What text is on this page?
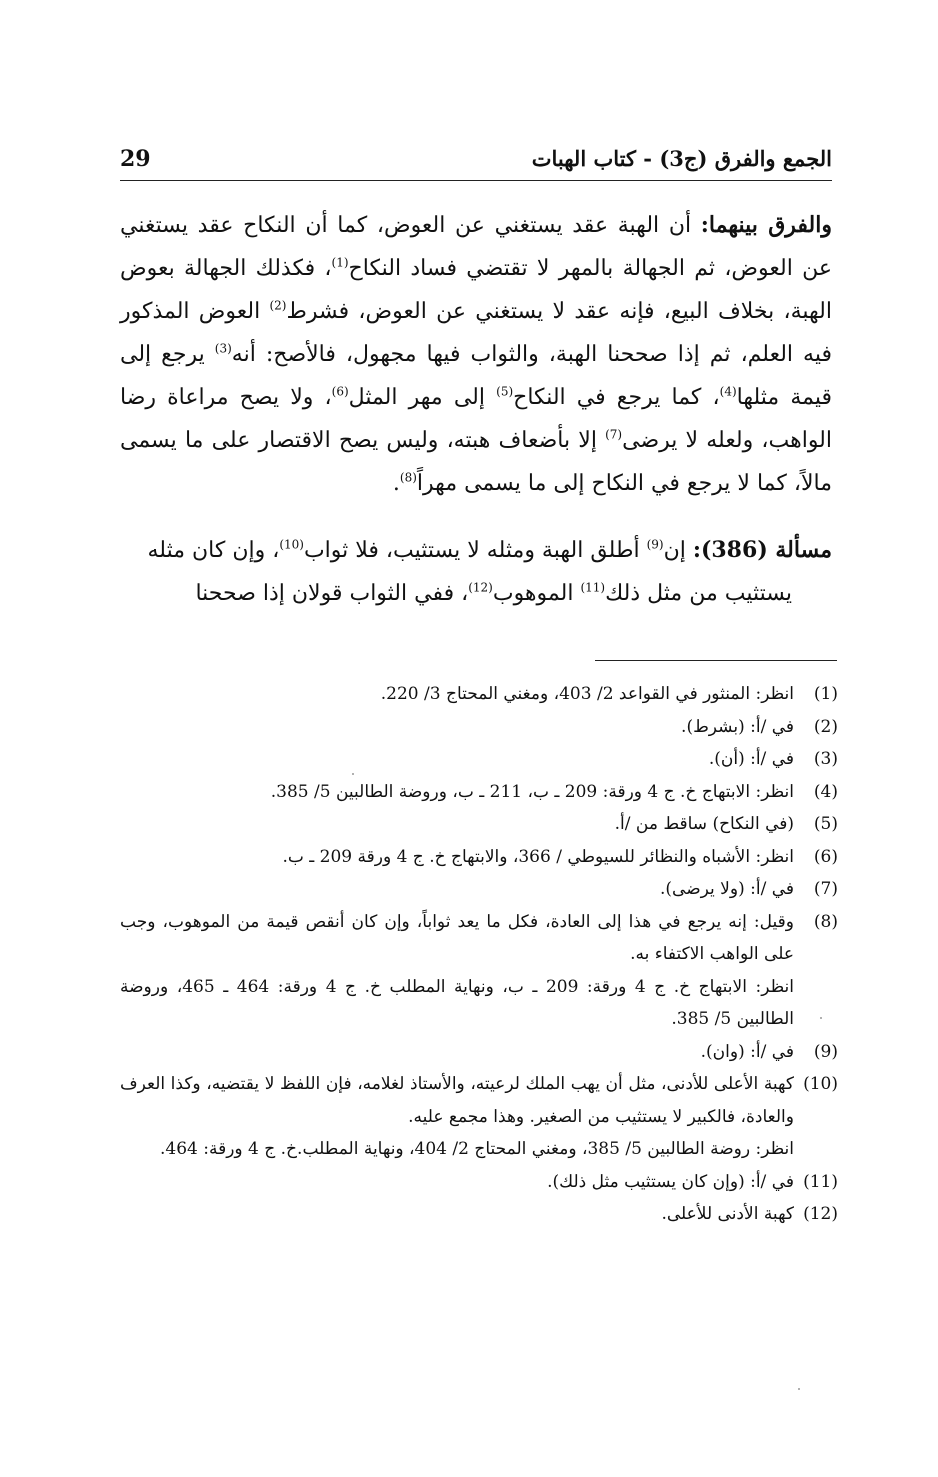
الجمع والفرق (ج3) - كتاب الهبات
29

والفرق بينهما: أن الهبة عقد يستغني عن العوض، كما أن النكاح عقد يستغني عن العوض، ثم الجهالة بالمهر لا تقتضي فساد النكاح$^{(1)}$، فكذلك الجهالة بعوض الهبة، بخلاف البيع، فإنه عقد لا يستغني عن العوض، فشرط$^{(2)}$ العوض المذكور فيه العلم، ثم إذا صححنا الهبة، والثواب فيها مجهول، فالأصح: أنه$^{(3)}$ يرجع إلى قيمة مثلها$^{(4)}$، كما يرجع في النكاح$^{(5)}$ إلى مهر المثل$^{(6)}$، ولا يصح مراعاة رضا الواهب، ولعله لا يرضى$^{(7)}$ إلا بأضعاف هبته، وليس يصح الاقتصار على ما يسمى مالاً، كما لا يرجع في النكاح إلى ما يسمى مهراً$^{(8)}$.

مسألة (386): إن$^{(9)}$ أطلق الهبة ومثله لا يستثيب، فلا ثواب$^{(10)}$، وإن كان مثله

يستثيب من مثل ذلك$^{(11)}$ الموهوب$^{(12)}$، ففي الثواب قولان إذا صححنا

(1)
انظر: المنثور في القواعد 2/ 403، ومغني المحتاج 3/ 220.
(2)
في /أ: (بشرط).
(3)
في /أ: (أن).
(4)
انظر: الابتهاج خ. ج 4 ورقة: 209 ـ ب، 211 ـ ب، وروضة الطالبين 5/ 385.
(5)
(في النكاح) ساقط من /أ.
(6)
انظر: الأشباه والنظائر للسيوطي / 366، والابتهاج خ. ج 4 ورقة 209 ـ ب.
(7)
في /أ: (ولا يرضى).
(8)
وقيل: إنه يرجع في هذا إلى العادة، فكل ما يعد ثواباً، وإن كان أنقص قيمة من الموهوب، وجب على الواهب الاكتفاء به.
انظر: الابتهاج خ. ج 4 ورقة: 209 ـ ب، ونهاية المطلب خ. ج 4 ورقة: 464 ـ 465، وروضة الطالبين 5/ 385.
(9)
في /أ: (وان).
(10)
كهبة الأعلى للأدنى، مثل أن يهب الملك لرعيته، والأستاذ لغلامه، فإن اللفظ لا يقتضيه، وكذا العرف والعادة، فالكبير لا يستثيب من الصغير. وهذا مجمع عليه.
انظر: روضة الطالبين 5/ 385، ومغني المحتاج 2/ 404، ونهاية المطلب.خ. ج 4 ورقة: 464.
(11)
في /أ: (وإن كان يستثيب مثل ذلك).
(12)
كهبة الأدنى للأعلى.
